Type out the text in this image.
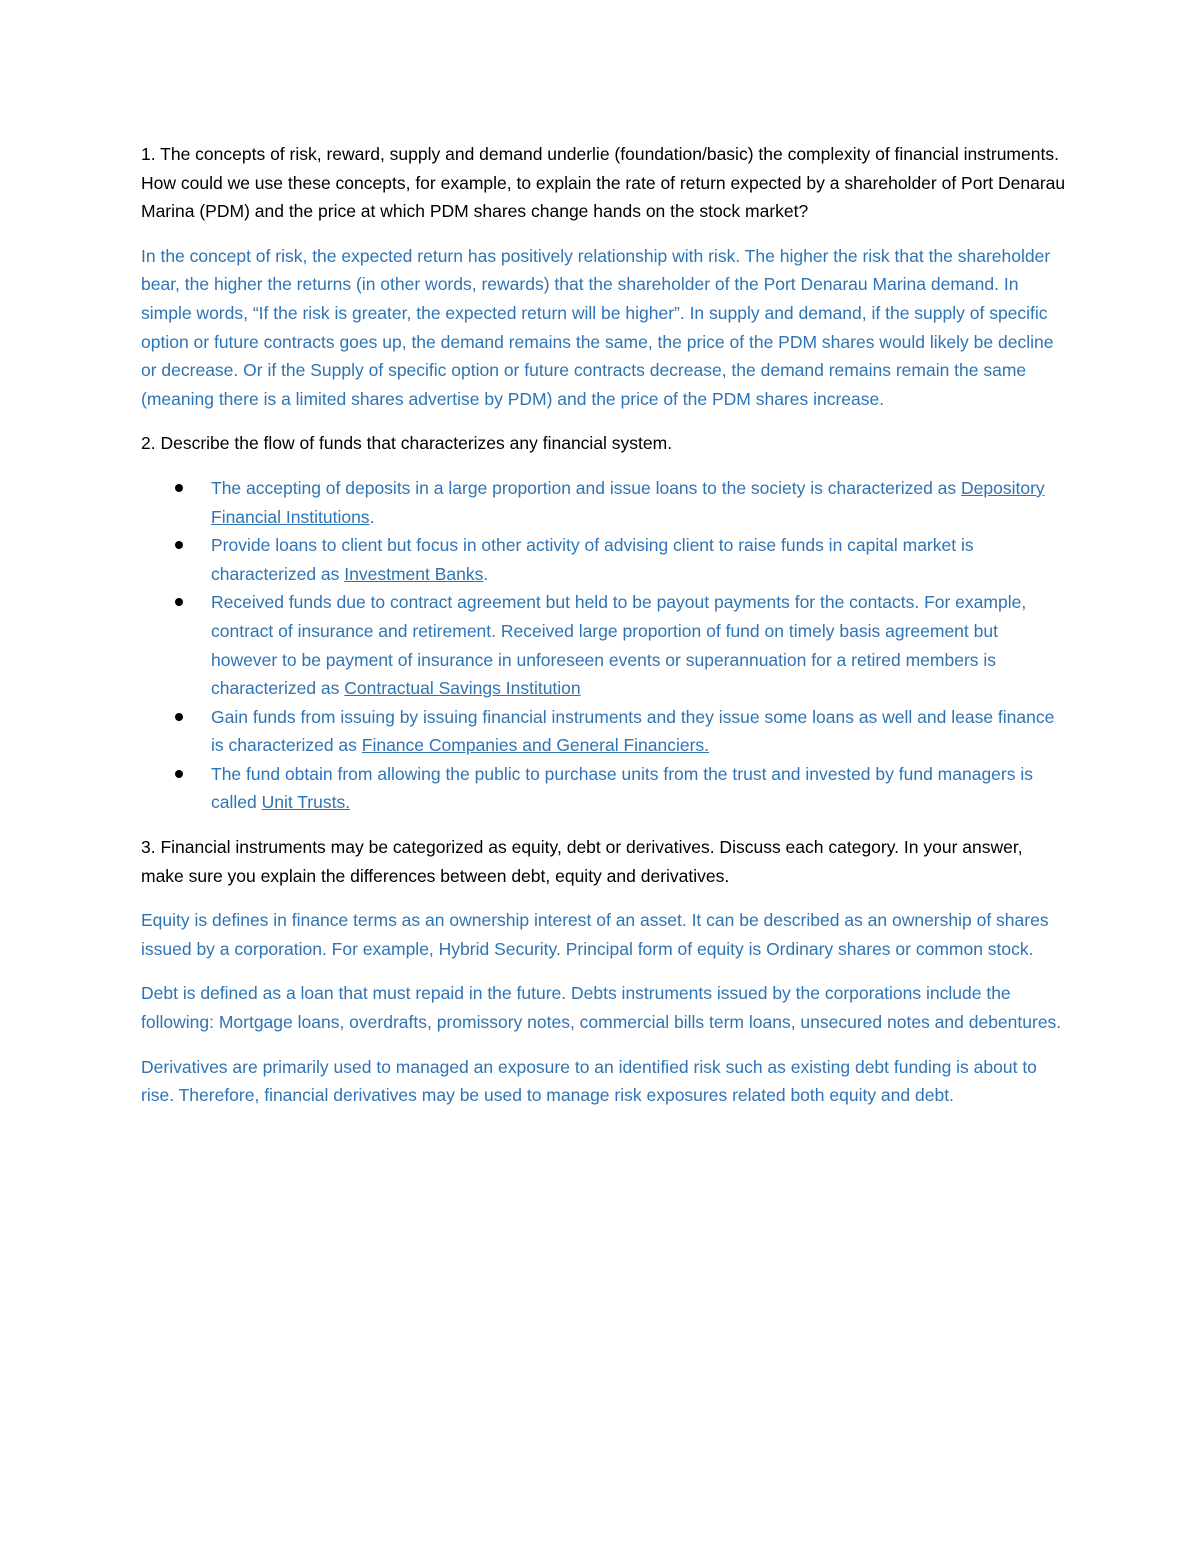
1. The concepts of risk, reward, supply and demand underlie (foundation/basic) the complexity of financial instruments. How could we use these concepts, for example, to explain the rate of return expected by a shareholder of Port Denarau Marina (PDM) and the price at which PDM shares change hands on the stock market?

In the concept of risk, the expected return has positively relationship with risk. The higher the risk that the shareholder bear, the higher the returns (in other words, rewards) that the shareholder of the Port Denarau Marina demand. In simple words, “If the risk is greater, the expected return will be higher”. In supply and demand, if the supply of specific option or future contracts goes up, the demand remains the same, the price of the PDM shares would likely be decline or decrease. Or if the Supply of specific option or future contracts decrease, the demand remains remain the same (meaning there is a limited shares advertise by PDM) and the price of the PDM shares increase.

2. Describe the flow of funds that characterizes any financial system.

The accepting of deposits in a large proportion and issue loans to the society is characterized as Depository Financial Institutions.
Provide loans to client but focus in other activity of advising client to raise funds in capital market is characterized as Investment Banks.
Received funds due to contract agreement but held to be payout payments for the contacts. For example, contract of insurance and retirement. Received large proportion of fund on timely basis agreement but however to be payment of insurance in unforeseen events or superannuation for a retired members is characterized as Contractual Savings Institution
Gain funds from issuing by issuing financial instruments and they issue some loans as well and lease finance is characterized as Finance Companies and General Financiers.
The fund obtain from allowing the public to purchase units from the trust and invested by fund managers is called Unit Trusts.

3. Financial instruments may be categorized as equity, debt or derivatives. Discuss each category. In your answer, make sure you explain the differences between debt, equity and derivatives.

Equity is defines in finance terms as an ownership interest of an asset. It can be described as an ownership of shares issued by a corporation. For example, Hybrid Security. Principal form of equity is Ordinary shares or common stock.

Debt is defined as a loan that must repaid in the future. Debts instruments issued by the corporations include the following: Mortgage loans, overdrafts, promissory notes, commercial bills term loans, unsecured notes and debentures.

Derivatives are primarily used to managed an exposure to an identified risk such as existing debt funding is about to rise. Therefore, financial derivatives may be used to manage risk exposures related both equity and debt.
